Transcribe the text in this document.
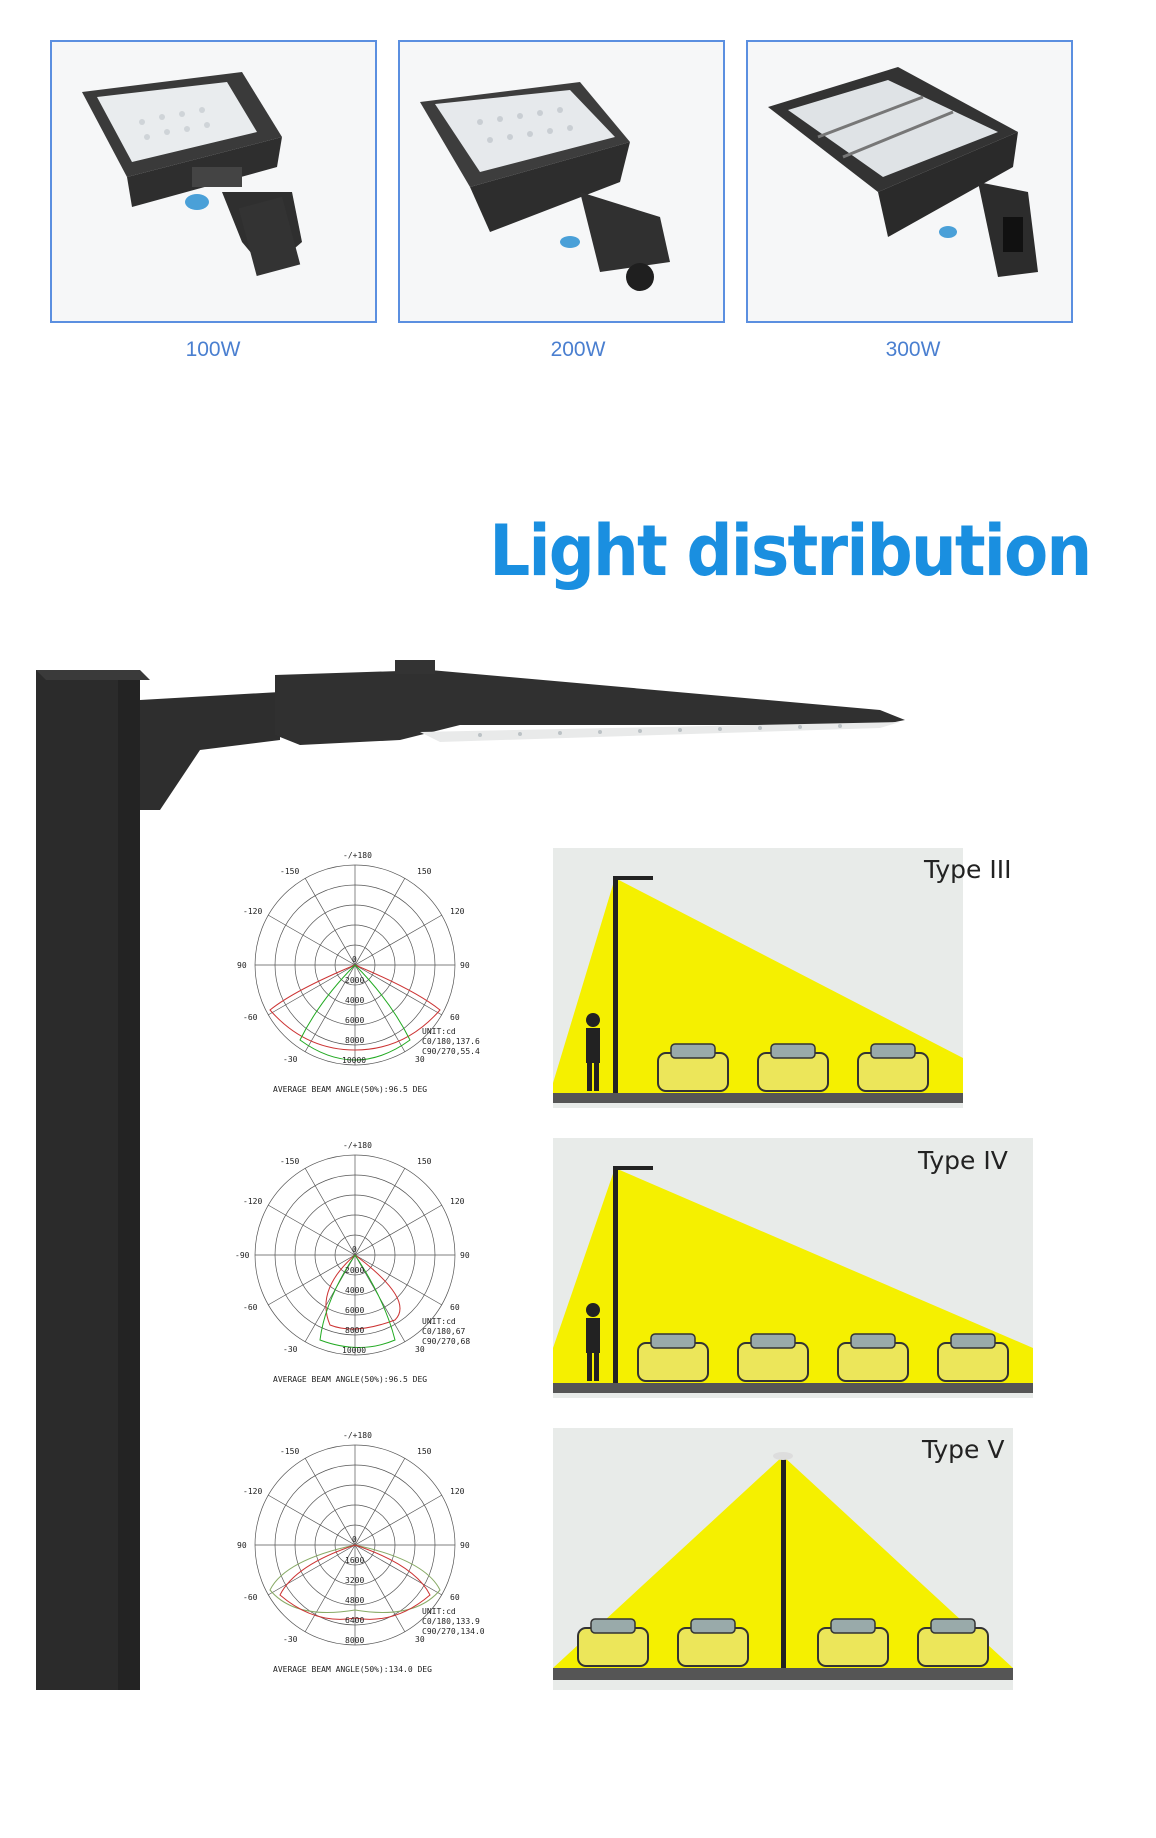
100W	200W	300W
Light distribution
-/+180
-150	150
-120	120
90	90
-60	60
-30	30
0
2000
4000
6000
8000
10000
UNIT:cd
C0/180,137.6
C90/270,55.4
AVERAGE BEAM ANGLE(50%):96.5 DEG
-/+180
-150	150
-120	120
-90	90
-60	60
-30	30
0
2000
4000
6000
8000
10000
UNIT:cd
C0/180,67
C90/270,68
AVERAGE BEAM ANGLE(50%):96.5 DEG
-/+180
-150	150
-120	120
90	90
-60	60
-30	30
0
1600
3200
4800
6400
8000
UNIT:cd
C0/180,133.9
C90/270,134.0
AVERAGE BEAM ANGLE(50%):134.0 DEG
Type III
Type IV
Type V
